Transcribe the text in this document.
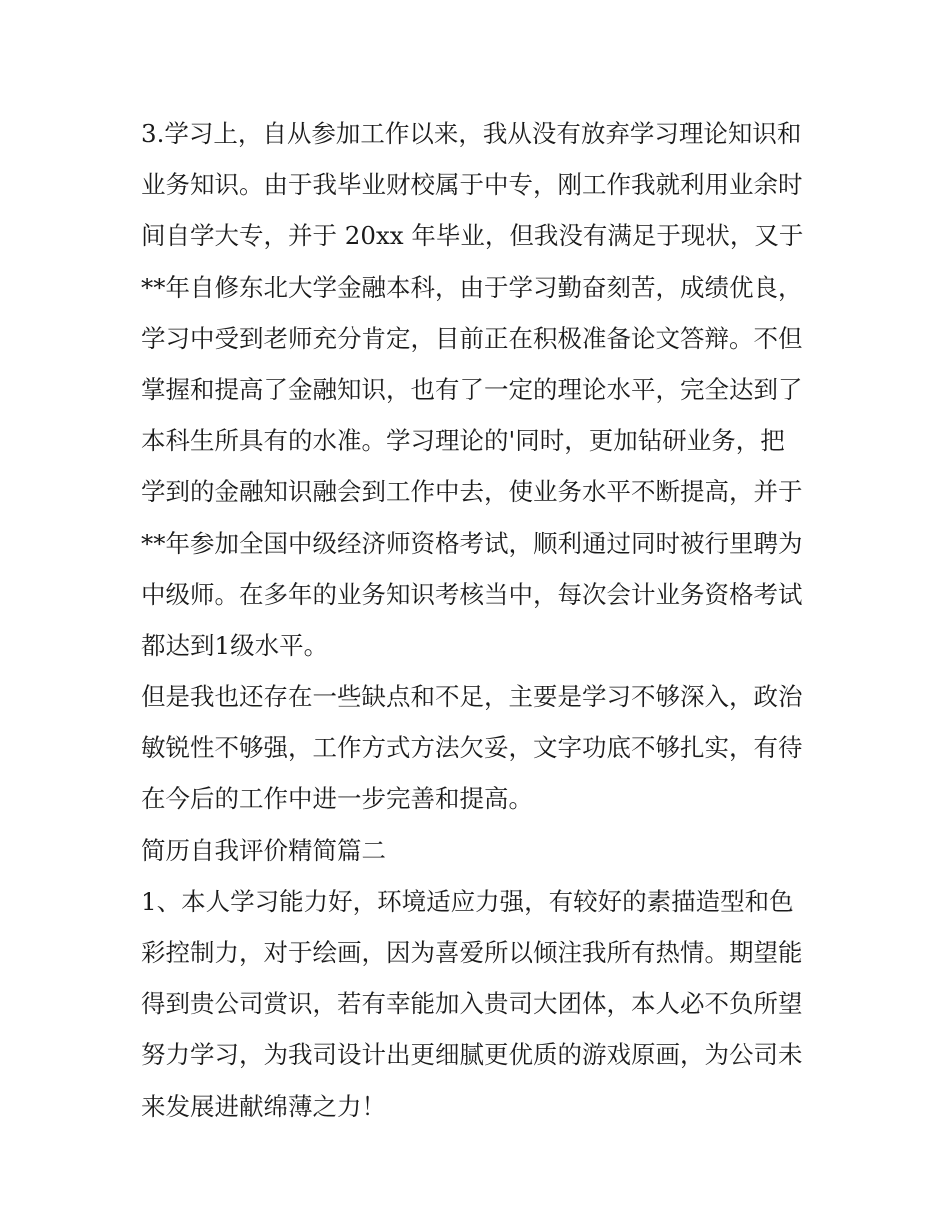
3.学习上，自从参加工作以来，我从没有放弃学习理论知识和
业务知识。由于我毕业财校属于中专，刚工作我就利用业余时
间自学大专，并于 20xx 年毕业，但我没有满足于现状，又于
**年自修东北大学金融本科，由于学习勤奋刻苦，成绩优良，
学习中受到老师充分肯定，目前正在积极准备论文答辩。不但
掌握和提高了金融知识，也有了一定的理论水平，完全达到了
本科生所具有的水准。学习理论的'同时，更加钻研业务，把
学到的金融知识融会到工作中去，使业务水平不断提高，并于
**年参加全国中级经济师资格考试，顺利通过同时被行里聘为
中级师。在多年的业务知识考核当中，每次会计业务资格考试
都达到1级水平。
但是我也还存在一些缺点和不足，主要是学习不够深入，政治
敏锐性不够强，工作方式方法欠妥，文字功底不够扎实，有待
在今后的工作中进一步完善和提高。
简历自我评价精简篇二
1、本人学习能力好，环境适应力强，有较好的素描造型和色
彩控制力，对于绘画，因为喜爱所以倾注我所有热情。期望能
得到贵公司赏识，若有幸能加入贵司大团体，本人必不负所望
努力学习，为我司设计出更细腻更优质的游戏原画，为公司未
来发展进献绵薄之力！
